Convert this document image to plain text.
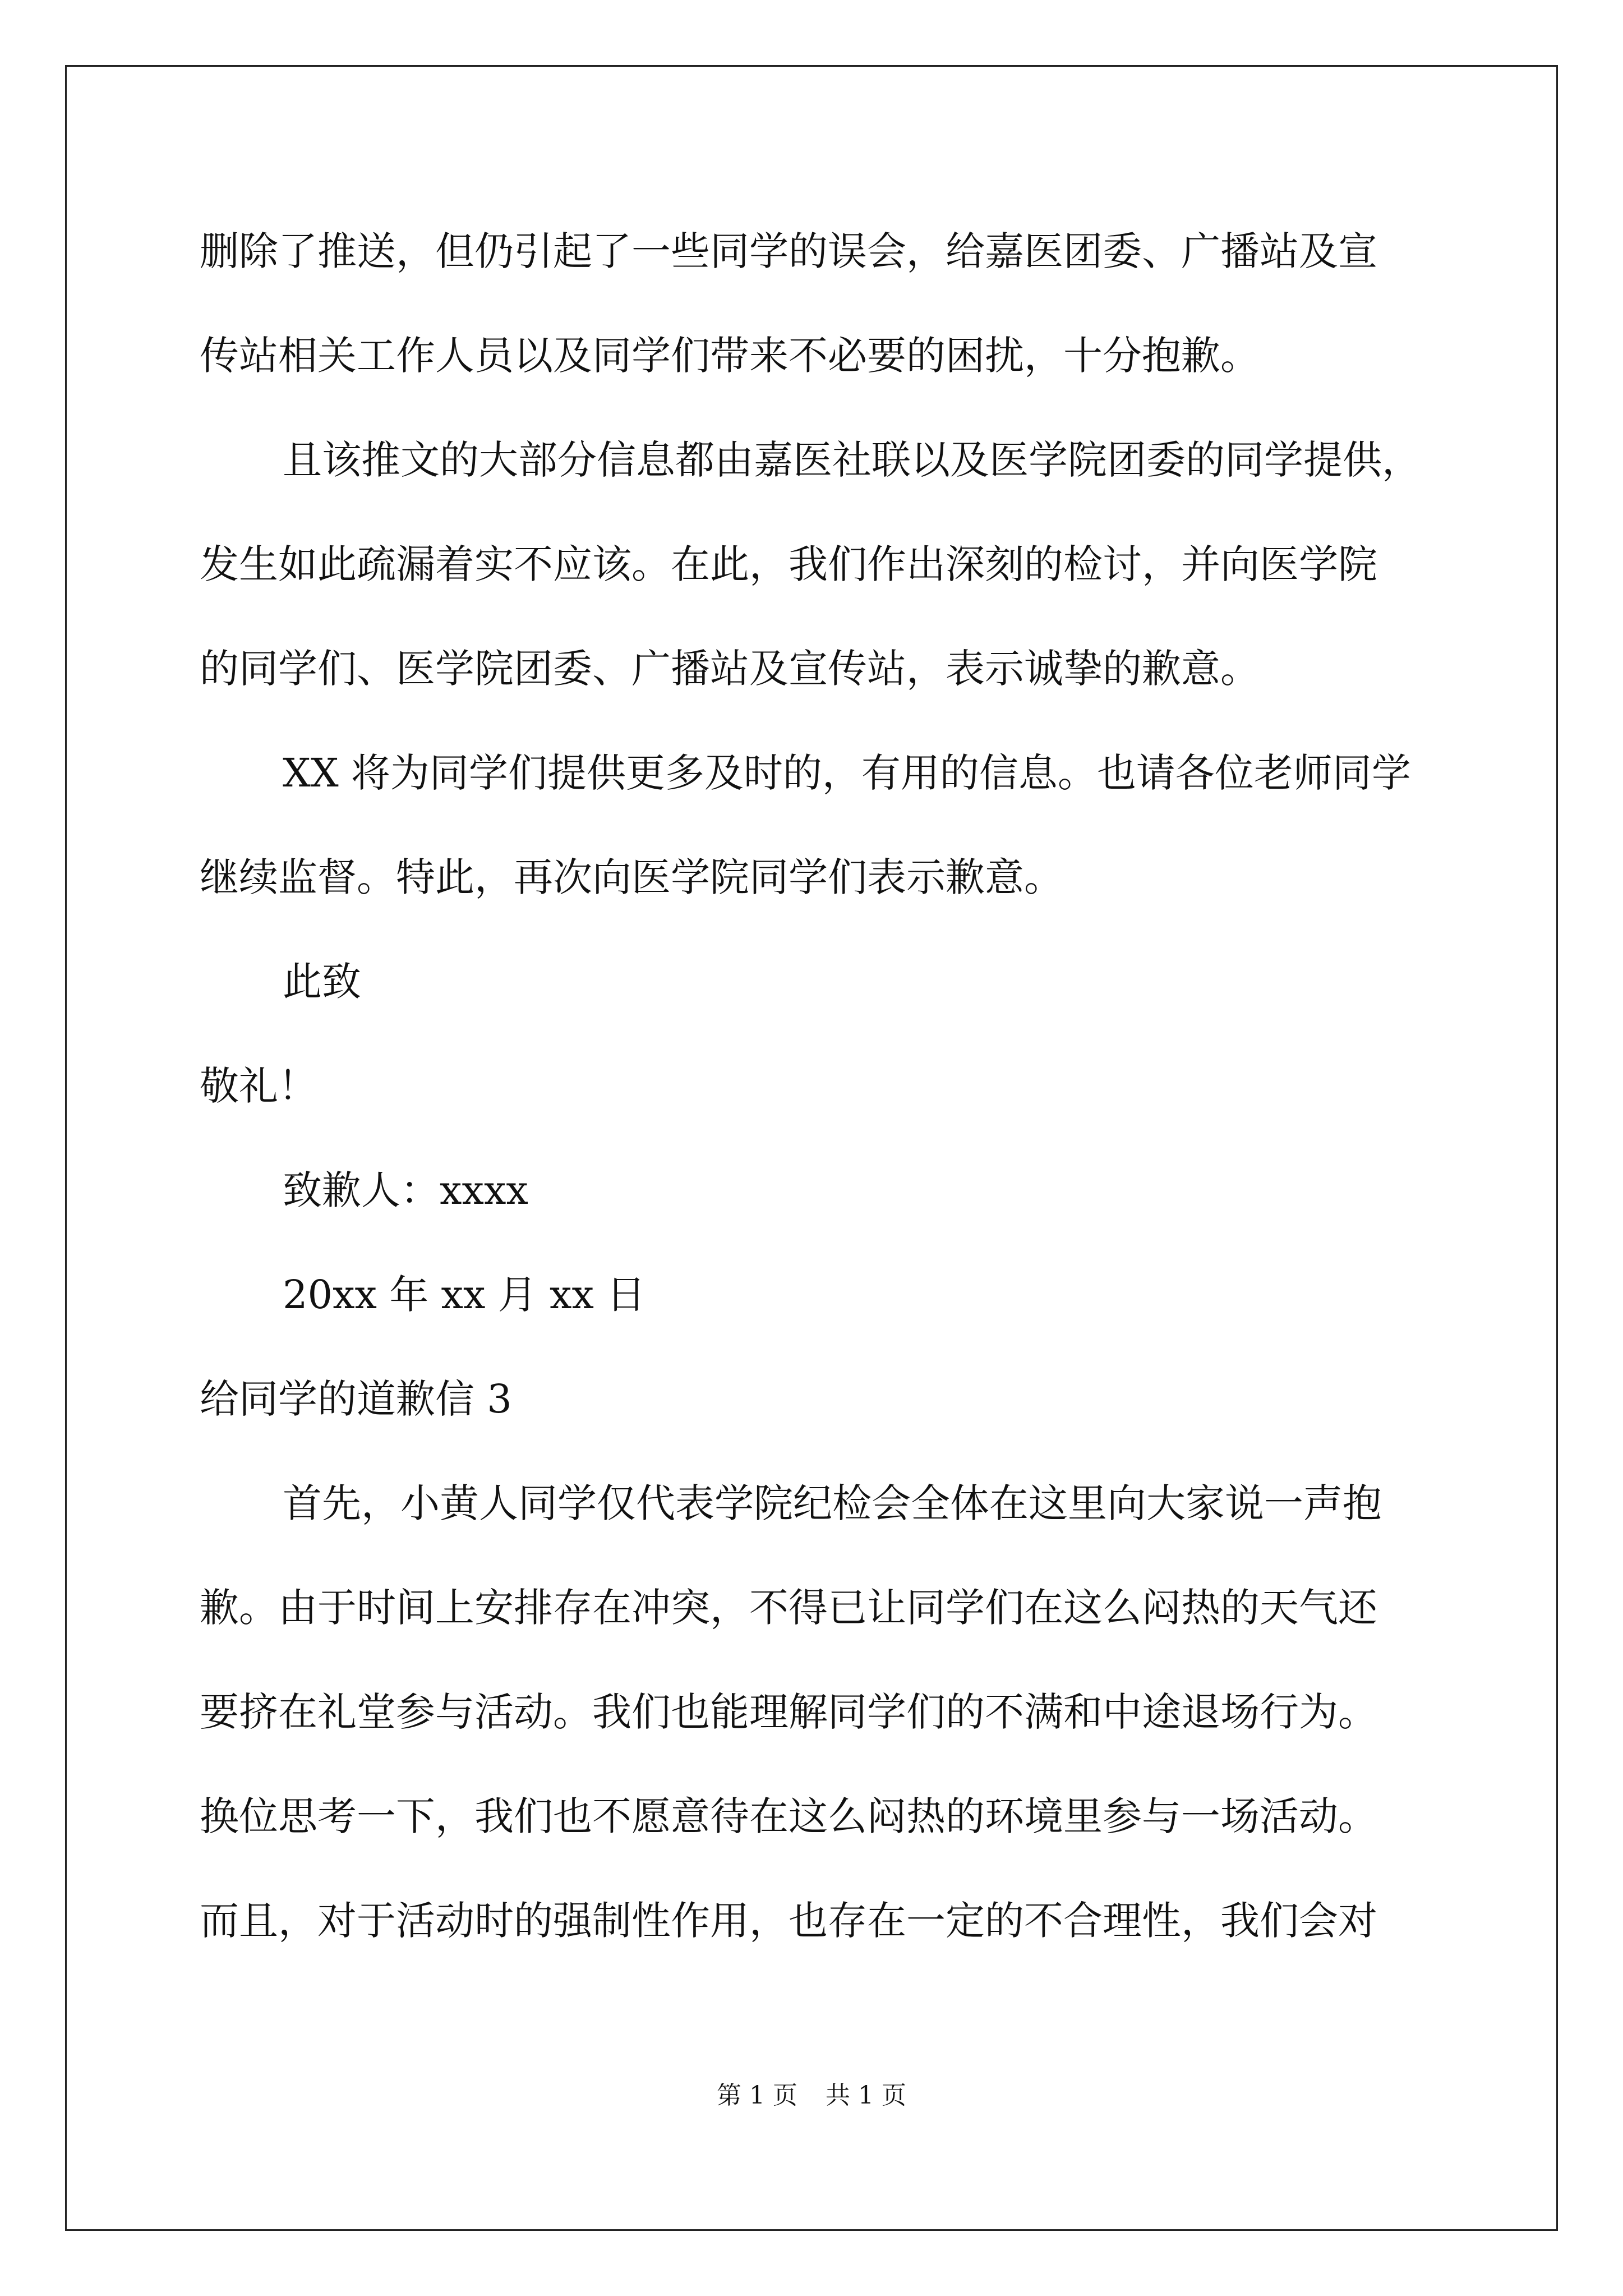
删除了推送，但仍引起了一些同学的误会，给嘉医团委、广播站及宣

传站相关工作人员以及同学们带来不必要的困扰，十分抱歉。

且该推文的大部分信息都由嘉医社联以及医学院团委的同学提供，

发生如此疏漏着实不应该。在此，我们作出深刻的检讨，并向医学院

的同学们、医学院团委、广播站及宣传站，表示诚挚的歉意。

XX 将为同学们提供更多及时的，有用的信息。也请各位老师同学

继续监督。特此，再次向医学院同学们表示歉意。

此致

敬礼！

致歉人：xxxx

20xx 年 xx 月 xx 日

给同学的道歉信 3

首先，小黄人同学仅代表学院纪检会全体在这里向大家说一声抱

歉。由于时间上安排存在冲突，不得已让同学们在这么闷热的天气还

要挤在礼堂参与活动。我们也能理解同学们的不满和中途退场行为。

换位思考一下，我们也不愿意待在这么闷热的环境里参与一场活动。

而且，对于活动时的强制性作用，也存在一定的不合理性，我们会对

第 1 页 共 1 页
